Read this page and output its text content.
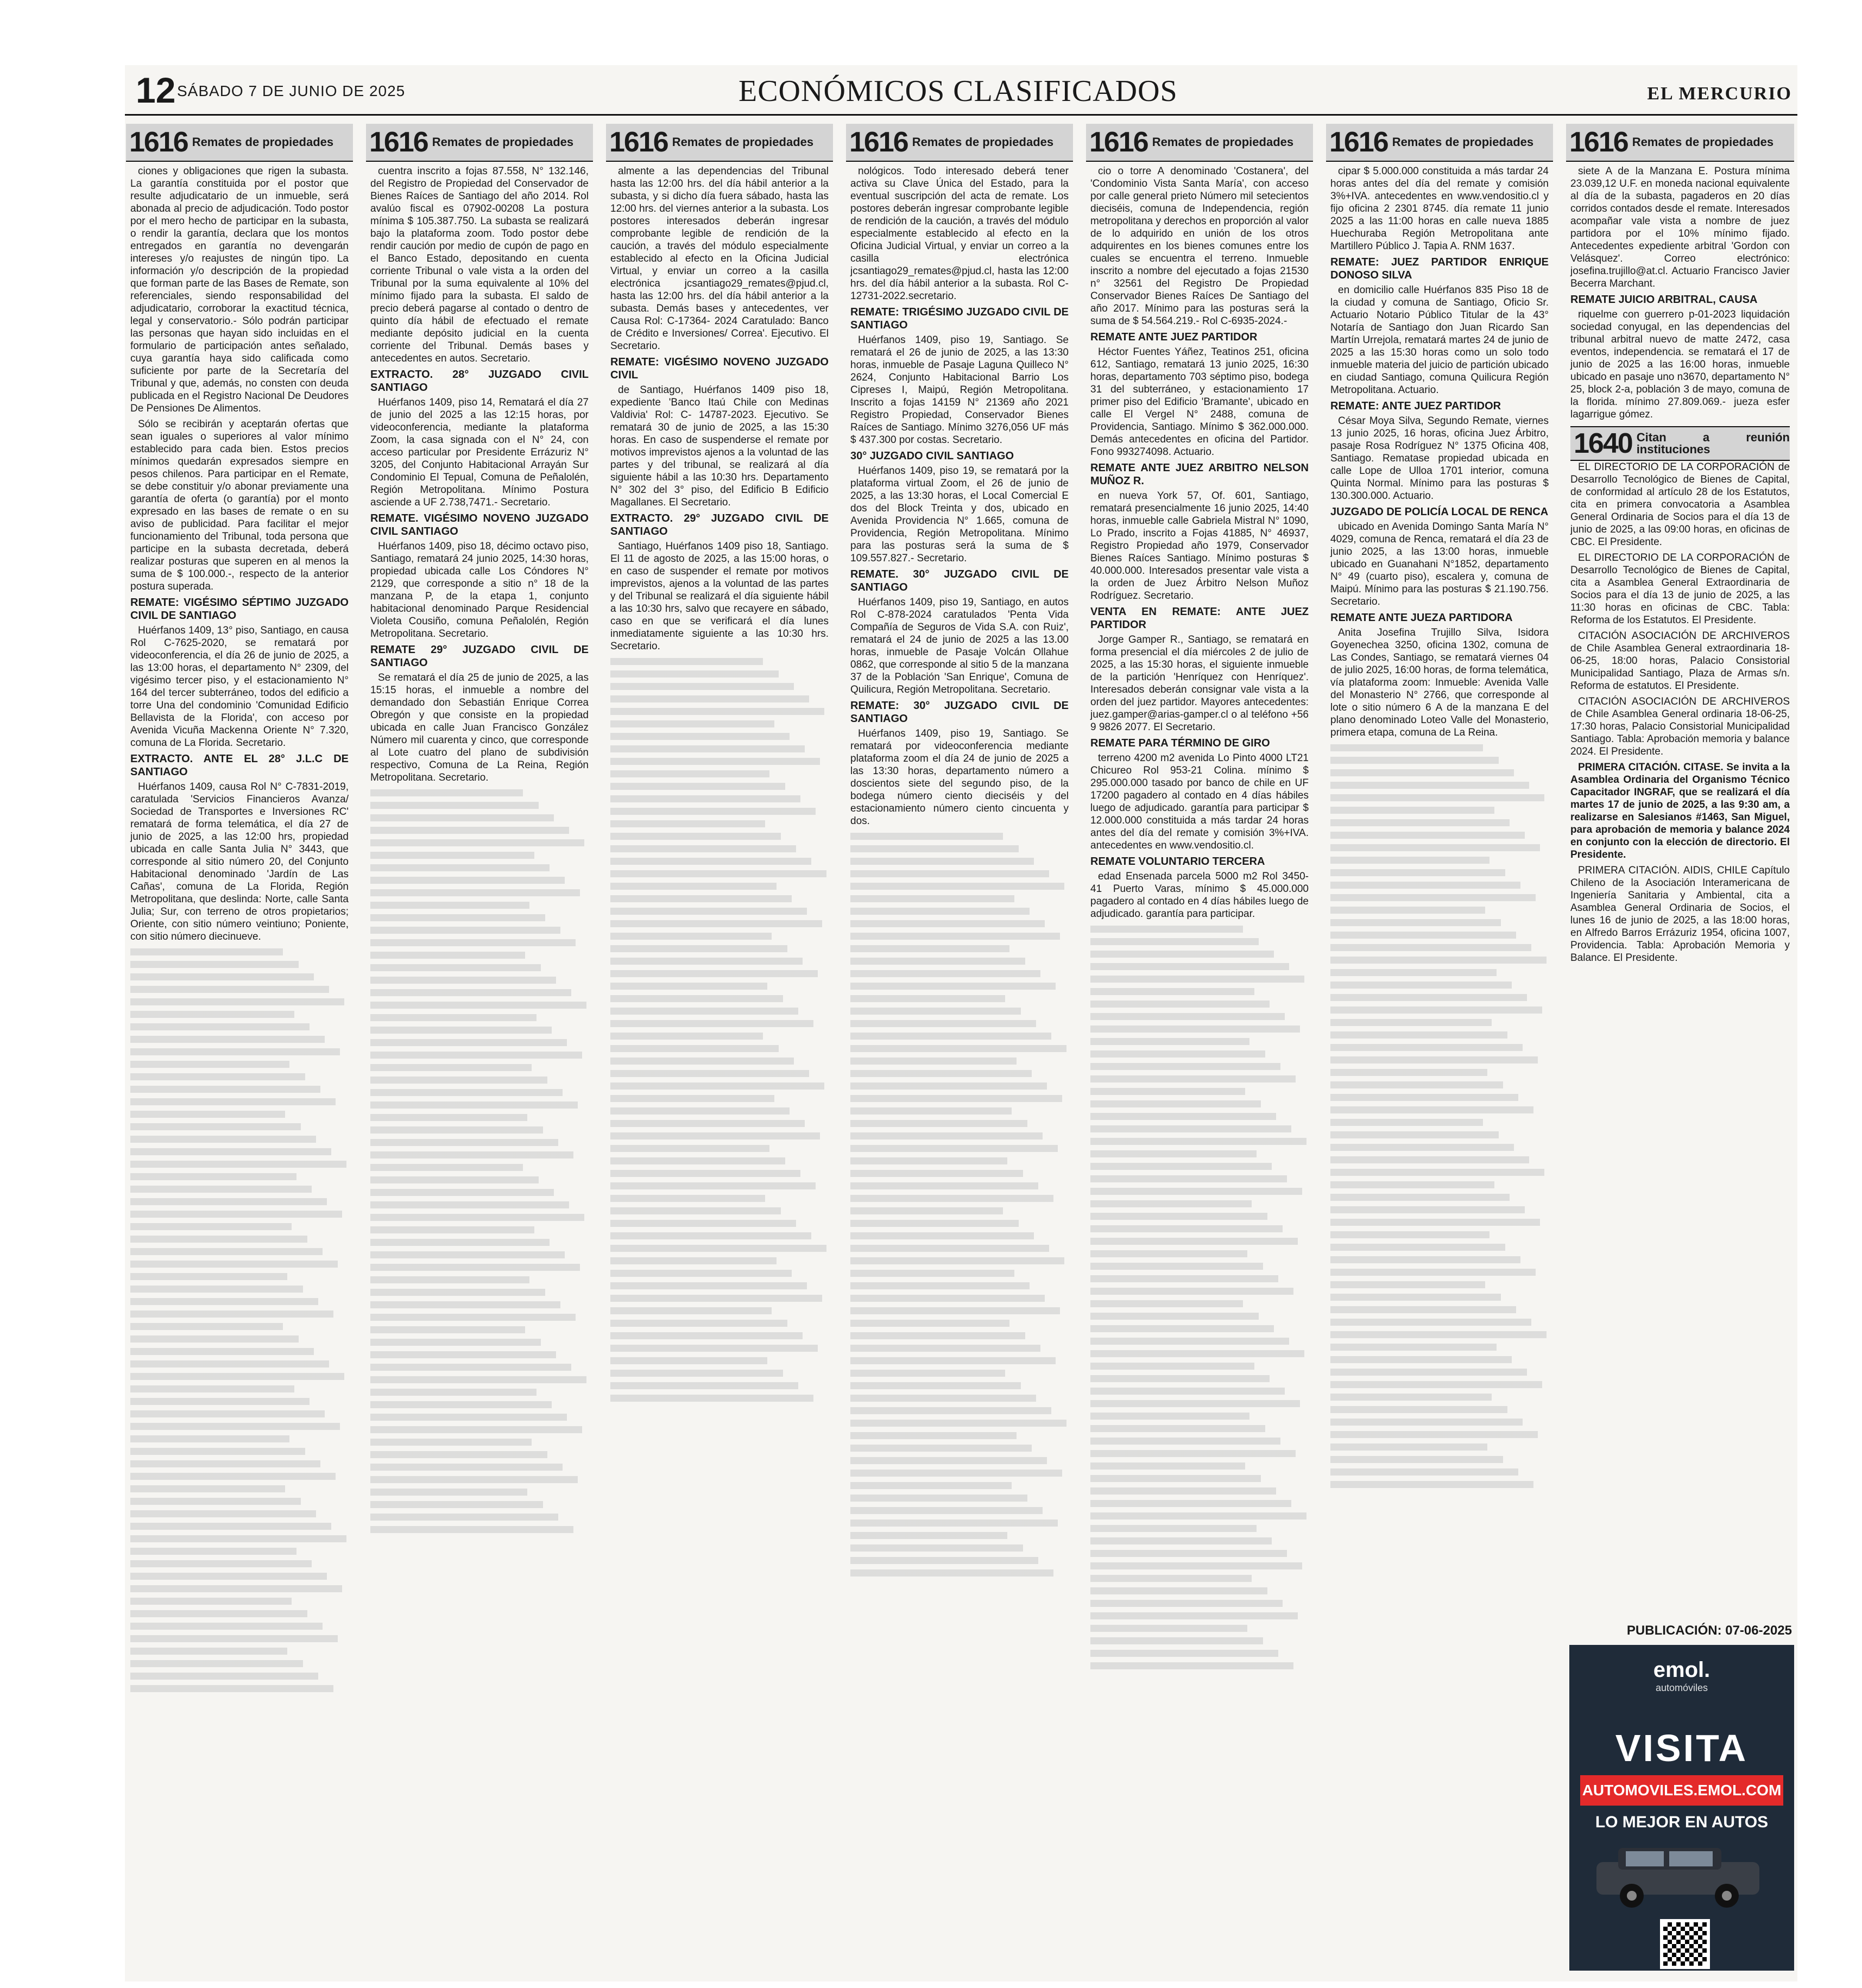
12 SÁBADO 7 DE JUNIO DE 2025	ECONÓMICOS CLASIFICADOS	EL MERCURIO
1616 Remates de propiedades

ciones y obligaciones que rigen la subasta. La garantía constituida por el postor que resulte adjudicatario de un inmueble, será abonada al precio de adjudicación. Todo postor por el mero hecho de participar en la subasta, o rendir la garantía, declara que los montos entregados en garantía no devengarán intereses y/o reajustes de ningún tipo. La información y/o descripción de la propiedad que forman parte de las Bases de Remate, son referenciales, siendo responsabilidad del adjudicatario, corroborar la exactitud técnica, legal y conservatorio.- Sólo podrán participar las personas que hayan sido incluidas en el formulario de participación antes señalado, cuya garantía haya sido calificada como suficiente por parte de la Secretaría del Tribunal y que, además, no consten con deuda publicada en el Registro Nacional De Deudores De Pensiones De Alimentos.

Sólo se recibirán y aceptarán ofertas que sean iguales o superiores al valor mínimo establecido para cada bien. Estos precios mínimos quedarán expresados siempre en pesos chilenos. Para participar en el Remate, se debe constituir y/o abonar previamente una garantía de oferta (o garantía) por el monto expresado en las bases de remate o en su aviso de publicidad. Para facilitar el mejor funcionamiento del Tribunal, toda persona que participe en la subasta decretada, deberá realizar posturas que superen en al menos la suma de $ 100.000.-, respecto de la anterior postura superada.

REMATE: VIGÉSIMO SÉPTIMO JUZGADO CIVIL DE SANTIAGO

Huérfanos 1409, 13° piso, Santiago, en causa Rol C-7625-2020, se rematará por videoconferencia, el día 26 de junio de 2025, a las 13:00 horas, el departamento N° 2309, del vigésimo tercer piso, y el estacionamiento N° 164 del tercer subterráneo, todos del edificio a torre Una del condominio 'Comunidad Edificio Bellavista de la Florida', con acceso por Avenida Vicuña Mackenna Oriente N° 7.320, comuna de La Florida. Secretario.

EXTRACTO. ANTE EL 28° J.L.C DE SANTIAGO

Huérfanos 1409, causa Rol N° C-7831-2019, caratulada 'Servicios Financieros Avanza/ Sociedad de Transportes e Inversiones RC' rematará de forma telemática, el día 27 de junio de 2025, a las 12:00 hrs, propiedad ubicada en calle Santa Julia N° 3443, que corresponde al sitio número 20, del Conjunto Habitacional denominado 'Jardín de Las Cañas', comuna de La Florida, Región Metropolitana, que deslinda: Norte, calle Santa Julia; Sur, con terreno de otros propietarios; Oriente, con sitio número veintiuno; Poniente, con sitio número diecinueve.

1616 Remates de propiedades

cuentra inscrito a fojas 87.558, N° 132.146, del Registro de Propiedad del Conservador de Bienes Raíces de Santiago del año 2014. Rol avalúo fiscal es 07902-00208 La postura mínima $ 105.387.750. La subasta se realizará bajo la plataforma zoom. Todo postor debe rendir caución por medio de cupón de pago en el Banco Estado, depositando en cuenta corriente Tribunal o vale vista a la orden del Tribunal por la suma equivalente al 10% del mínimo fijado para la subasta. El saldo de precio deberá pagarse al contado o dentro de quinto día hábil de efectuado el remate mediante depósito judicial en la cuenta corriente del Tribunal. Demás bases y antecedentes en autos. Secretario.

EXTRACTO. 28° JUZGADO CIVIL SANTIAGO

Huérfanos 1409, piso 14, Rematará el día 27 de junio del 2025 a las 12:15 horas, por videoconferencia, mediante la plataforma Zoom, la casa signada con el N° 24, con acceso particular por Presidente Errázuriz N° 3205, del Conjunto Habitacional Arrayán Sur Condominio El Tepual, Comuna de Peñalolén, Región Metropolitana. Mínimo Postura asciende a UF 2.738,7471.- Secretario.

REMATE. VIGÉSIMO NOVENO JUZGADO CIVIL SANTIAGO

Huérfanos 1409, piso 18, décimo octavo piso, Santiago, rematará 24 junio 2025, 14:30 horas, propiedad ubicada calle Los Cóndores N° 2129, que corresponde a sitio n° 18 de la manzana P, de la etapa 1, conjunto habitacional denominado Parque Residencial Violeta Cousiño, comuna Peñalolén, Región Metropolitana. Secretario.

REMATE 29° JUZGADO CIVIL DE SANTIAGO

Se rematará el día 25 de junio de 2025, a las 15:15 horas, el inmueble a nombre del demandado don Sebastián Enrique Correa Obregón y que consiste en la propiedad ubicada en calle Juan Francisco González Número mil cuarenta y cinco, que corresponde al Lote cuatro del plano de subdivisión respectivo, Comuna de La Reina, Región Metropolitana. Secretario.

1616 Remates de propiedades

almente a las dependencias del Tribunal hasta las 12:00 hrs. del día hábil anterior a la subasta, y si dicho día fuera sábado, hasta las 12:00 hrs. del viernes anterior a la subasta. Los postores interesados deberán ingresar comprobante legible de rendición de la caución, a través del módulo especialmente establecido al efecto en la Oficina Judicial Virtual, y enviar un correo a la casilla electrónica jcsantiago29_remates@pjud.cl, hasta las 12:00 hrs. del día hábil anterior a la subasta. Demás bases y antecedentes, ver Causa Rol: C-17364- 2024 Caratulado: Banco de Crédito e Inversiones/ Correa'. Ejecutivo. El Secretario.

REMATE: VIGÉSIMO NOVENO JUZGADO CIVIL

de Santiago, Huérfanos 1409 piso 18, expediente 'Banco Itaú Chile con Medinas Valdivia' Rol: C- 14787-2023. Ejecutivo. Se rematará 30 de junio de 2025, a las 15:30 horas. En caso de suspenderse el remate por motivos imprevistos ajenos a la voluntad de las partes y del tribunal, se realizará al día siguiente hábil a las 10:30 hrs. Departamento N° 302 del 3° piso, del Edificio B Edificio Magallanes. El Secretario.

EXTRACTO. 29° JUZGADO CIVIL DE SANTIAGO

Santiago, Huérfanos 1409 piso 18, Santiago. El 11 de agosto de 2025, a las 15:00 horas, o en caso de suspender el remate por motivos imprevistos, ajenos a la voluntad de las partes y del Tribunal se realizará el día siguiente hábil a las 10:30 hrs, salvo que recayere en sábado, caso en que se verificará el día lunes inmediatamente siguiente a las 10:30 hrs. Secretario.

1616 Remates de propiedades

nológicos. Todo interesado deberá tener activa su Clave Única del Estado, para la eventual suscripción del acta de remate. Los postores deberán ingresar comprobante legible de rendición de la caución, a través del módulo especialmente establecido al efecto en la Oficina Judicial Virtual, y enviar un correo a la casilla electrónica jcsantiago29_remates@pjud.cl, hasta las 12:00 hrs. del día hábil anterior a la subasta. Rol C-12731-2022.secretario.

REMATE: TRIGÉSIMO JUZGADO CIVIL DE SANTIAGO

Huérfanos 1409, piso 19, Santiago. Se rematará el 26 de junio de 2025, a las 13:30 horas, inmueble de Pasaje Laguna Quilleco N° 2624, Conjunto Habitacional Barrio Los Cipreses I, Maipú, Región Metropolitana. Inscrito a fojas 14159 N° 21369 año 2021 Registro Propiedad, Conservador Bienes Raíces de Santiago. Mínimo 3276,056 UF más $ 437.300 por costas. Secretario.

30° JUZGADO CIVIL SANTIAGO

Huérfanos 1409, piso 19, se rematará por la plataforma virtual Zoom, el 26 de junio de 2025, a las 13:30 horas, el Local Comercial E dos del Block Treinta y dos, ubicado en Avenida Providencia N° 1.665, comuna de Providencia, Región Metropolitana. Mínimo para las posturas será la suma de $ 109.557.827.- Secretario.

REMATE. 30° JUZGADO CIVIL DE SANTIAGO

Huérfanos 1409, piso 19, Santiago, en autos Rol C-878-2024 caratulados 'Penta Vida Compañía de Seguros de Vida S.A. con Ruiz', rematará el 24 de junio de 2025 a las 13.00 horas, inmueble de Pasaje Volcán Ollahue 0862, que corresponde al sitio 5 de la manzana 37 de la Población 'San Enrique', Comuna de Quilicura, Región Metropolitana. Secretario.

REMATE: 30° JUZGADO CIVIL DE SANTIAGO

Huérfanos 1409, piso 19, Santiago. Se rematará por videoconferencia mediante plataforma zoom el día 24 de junio de 2025 a las 13:30 horas, departamento número a doscientos siete del segundo piso, de la bodega número ciento dieciséis y del estacionamiento número ciento cincuenta y dos.

1616 Remates de propiedades

cio o torre A denominado 'Costanera', del 'Condominio Vista Santa María', con acceso por calle general prieto Número mil setecientos dieciséis, comuna de Independencia, región metropolitana y derechos en proporción al valor de lo adquirido en unión de los otros adquirentes en los bienes comunes entre los cuales se encuentra el terreno. Inmueble inscrito a nombre del ejecutado a fojas 21530 n° 32561 del Registro De Propiedad Conservador Bienes Raíces De Santiago del año 2017. Mínimo para las posturas será la suma de $ 54.564.219.- Rol C-6935-2024.-

REMATE ANTE JUEZ PARTIDOR

Héctor Fuentes Yáñez, Teatinos 251, oficina 612, Santiago, rematará 13 junio 2025, 16:30 horas, departamento 703 séptimo piso, bodega 31 del subterráneo, y estacionamiento 17 primer piso del Edificio 'Bramante', ubicado en calle El Vergel N° 2488, comuna de Providencia, Santiago. Mínimo $ 362.000.000. Demás antecedentes en oficina del Partidor. Fono 993274098. Actuario.

REMATE ANTE JUEZ ARBITRO NELSON MUÑOZ R.

en nueva York 57, Of. 601, Santiago, rematará presencialmente 16 junio 2025, 14:40 horas, inmueble calle Gabriela Mistral N° 1090, Lo Prado, inscrito a Fojas 41885, N° 46937, Registro Propiedad año 1979, Conservador Bienes Raíces Santiago. Mínimo posturas $ 40.000.000. Interesados presentar vale vista a la orden de Juez Árbitro Nelson Muñoz Rodríguez. Secretario.

VENTA EN REMATE: ANTE JUEZ PARTIDOR

Jorge Gamper R., Santiago, se rematará en forma presencial el día miércoles 2 de julio de 2025, a las 15:30 horas, el siguiente inmueble de la partición 'Henríquez con Henríquez'. Interesados deberán consignar vale vista a la orden del juez partidor. Mayores antecedentes: juez.gamper@arias-gamper.cl o al teléfono +56 9 9826 2077. El Secretario.

REMATE PARA TÉRMINO DE GIRO

terreno 4200 m2 avenida Lo Pinto 4000 LT21 Chicureo Rol 953-21 Colina. mínimo $ 295.000.000 tasado por banco de chile en UF 17200 pagadero al contado en 4 días hábiles luego de adjudicado. garantía para participar $ 12.000.000 constituida a más tardar 24 horas antes del día del remate y comisión 3%+IVA. antecedentes en www.vendositio.cl.

REMATE VOLUNTARIO TERCERA

edad Ensenada parcela 5000 m2 Rol 3450-41 Puerto Varas, mínimo $ 45.000.000 pagadero al contado en 4 días hábiles luego de adjudicado. garantía para participar.

1616 Remates de propiedades

cipar $ 5.000.000 constituida a más tardar 24 horas antes del día del remate y comisión 3%+IVA. antecedentes en www.vendositio.cl y fijo oficina 2 2301 8745. día remate 11 junio 2025 a las 11:00 horas en calle nueva 1885 Huechuraba Región Metropolitana ante Martillero Público J. Tapia A. RNM 1637.

REMATE: JUEZ PARTIDOR ENRIQUE DONOSO SILVA

en domicilio calle Huérfanos 835 Piso 18 de la ciudad y comuna de Santiago, Oficio Sr. Actuario Notario Público Titular de la 43° Notaría de Santiago don Juan Ricardo San Martín Urrejola, rematará martes 24 de junio de 2025 a las 15:30 horas como un solo todo inmueble materia del juicio de partición ubicado en ciudad Santiago, comuna Quilicura Región Metropolitana. Actuario.

REMATE: ANTE JUEZ PARTIDOR

César Moya Silva, Segundo Remate, viernes 13 junio 2025, 16 horas, oficina Juez Árbitro, pasaje Rosa Rodríguez N° 1375 Oficina 408, Santiago. Rematase propiedad ubicada en calle Lope de Ulloa 1701 interior, comuna Quinta Normal. Mínimo para las posturas $ 130.300.000. Actuario.

JUZGADO DE POLICÍA LOCAL DE RENCA

ubicado en Avenida Domingo Santa María N° 4029, comuna de Renca, rematará el día 23 de junio 2025, a las 13:00 horas, inmueble ubicado en Guanahani N°1852, departamento N° 49 (cuarto piso), escalera y, comuna de Maipú. Mínimo para las posturas $ 21.190.756. Secretario.

REMATE ANTE JUEZA PARTIDORA

Anita Josefina Trujillo Silva, Isidora Goyenechea 3250, oficina 1302, comuna de Las Condes, Santiago, se rematará viernes 04 de julio 2025, 16:00 horas, de forma telemática, vía plataforma zoom: Inmueble: Avenida Valle del Monasterio N° 2766, que corresponde al lote o sitio número 6 A de la manzana E del plano denominado Loteo Valle del Monasterio, primera etapa, comuna de La Reina.

1616 Remates de propiedades

siete A de la Manzana E. Postura mínima 23.039,12 U.F. en moneda nacional equivalente al día de la subasta, pagaderos en 20 días corridos contados desde el remate. Interesados acompañar vale vista a nombre de juez partidora por el 10% mínimo fijado. Antecedentes expediente arbitral 'Gordon con Velásquez'. Correo electrónico: josefina.trujillo@at.cl. Actuario Francisco Javier Becerra Marchant.

REMATE JUICIO ARBITRAL, CAUSA

riquelme con guerrero p-01-2023 liquidación sociedad conyugal, en las dependencias del tribunal arbitral nuevo de matte 2472, casa eventos, independencia. se rematará el 17 de junio de 2025 a las 16:00 horas, inmueble ubicado en pasaje uno n3670, departamento N° 25, block 2-a, población 3 de mayo, comuna de la florida. mínimo 27.809.069.- jueza esfer lagarrigue gómez.

1640 Citan a reunión instituciones

EL DIRECTORIO DE LA CORPORACIÓN de Desarrollo Tecnológico de Bienes de Capital, de conformidad al artículo 28 de los Estatutos, cita en primera convocatoria a Asamblea General Ordinaria de Socios para el día 13 de junio de 2025, a las 09:00 horas, en oficinas de CBC. El Presidente.

EL DIRECTORIO DE LA CORPORACIÓN de Desarrollo Tecnológico de Bienes de Capital, cita a Asamblea General Extraordinaria de Socios para el día 13 de junio de 2025, a las 11:30 horas en oficinas de CBC. Tabla: Reforma de los Estatutos. El Presidente.

CITACIÓN ASOCIACIÓN DE ARCHIVEROS de Chile Asamblea General extraordinaria 18-06-25, 18:00 horas, Palacio Consistorial Municipalidad Santiago, Plaza de Armas s/n. Reforma de estatutos. El Presidente.

CITACIÓN ASOCIACIÓN DE ARCHIVEROS de Chile Asamblea General ordinaria 18-06-25, 17:30 horas, Palacio Consistorial Municipalidad Santiago. Tabla: Aprobación memoria y balance 2024. El Presidente.

PRIMERA CITACIÓN. CITASE. Se invita a la Asamblea Ordinaria del Organismo Técnico Capacitador INGRAF, que se realizará el día martes 17 de junio de 2025, a las 9:30 am, a realizarse en Salesianos #1463, San Miguel, para aprobación de memoria y balance 2024 en conjunto con la elección de directorio. El Presidente.

PRIMERA CITACIÓN. AIDIS, CHILE Capítulo Chileno de la Asociación Interamericana de Ingeniería Sanitaria y Ambiental, cita a Asamblea General Ordinaria de Socios, el lunes 16 de junio de 2025, a las 18:00 horas, en Alfredo Barros Errázuriz 1954, oficina 1007, Providencia. Tabla: Aprobación Memoria y Balance. El Presidente.

PUBLICACIÓN: 07-06-2025
emol.
automóviles
VISITA
AUTOMOVILES.EMOL.COM
LO MEJOR EN AUTOS
